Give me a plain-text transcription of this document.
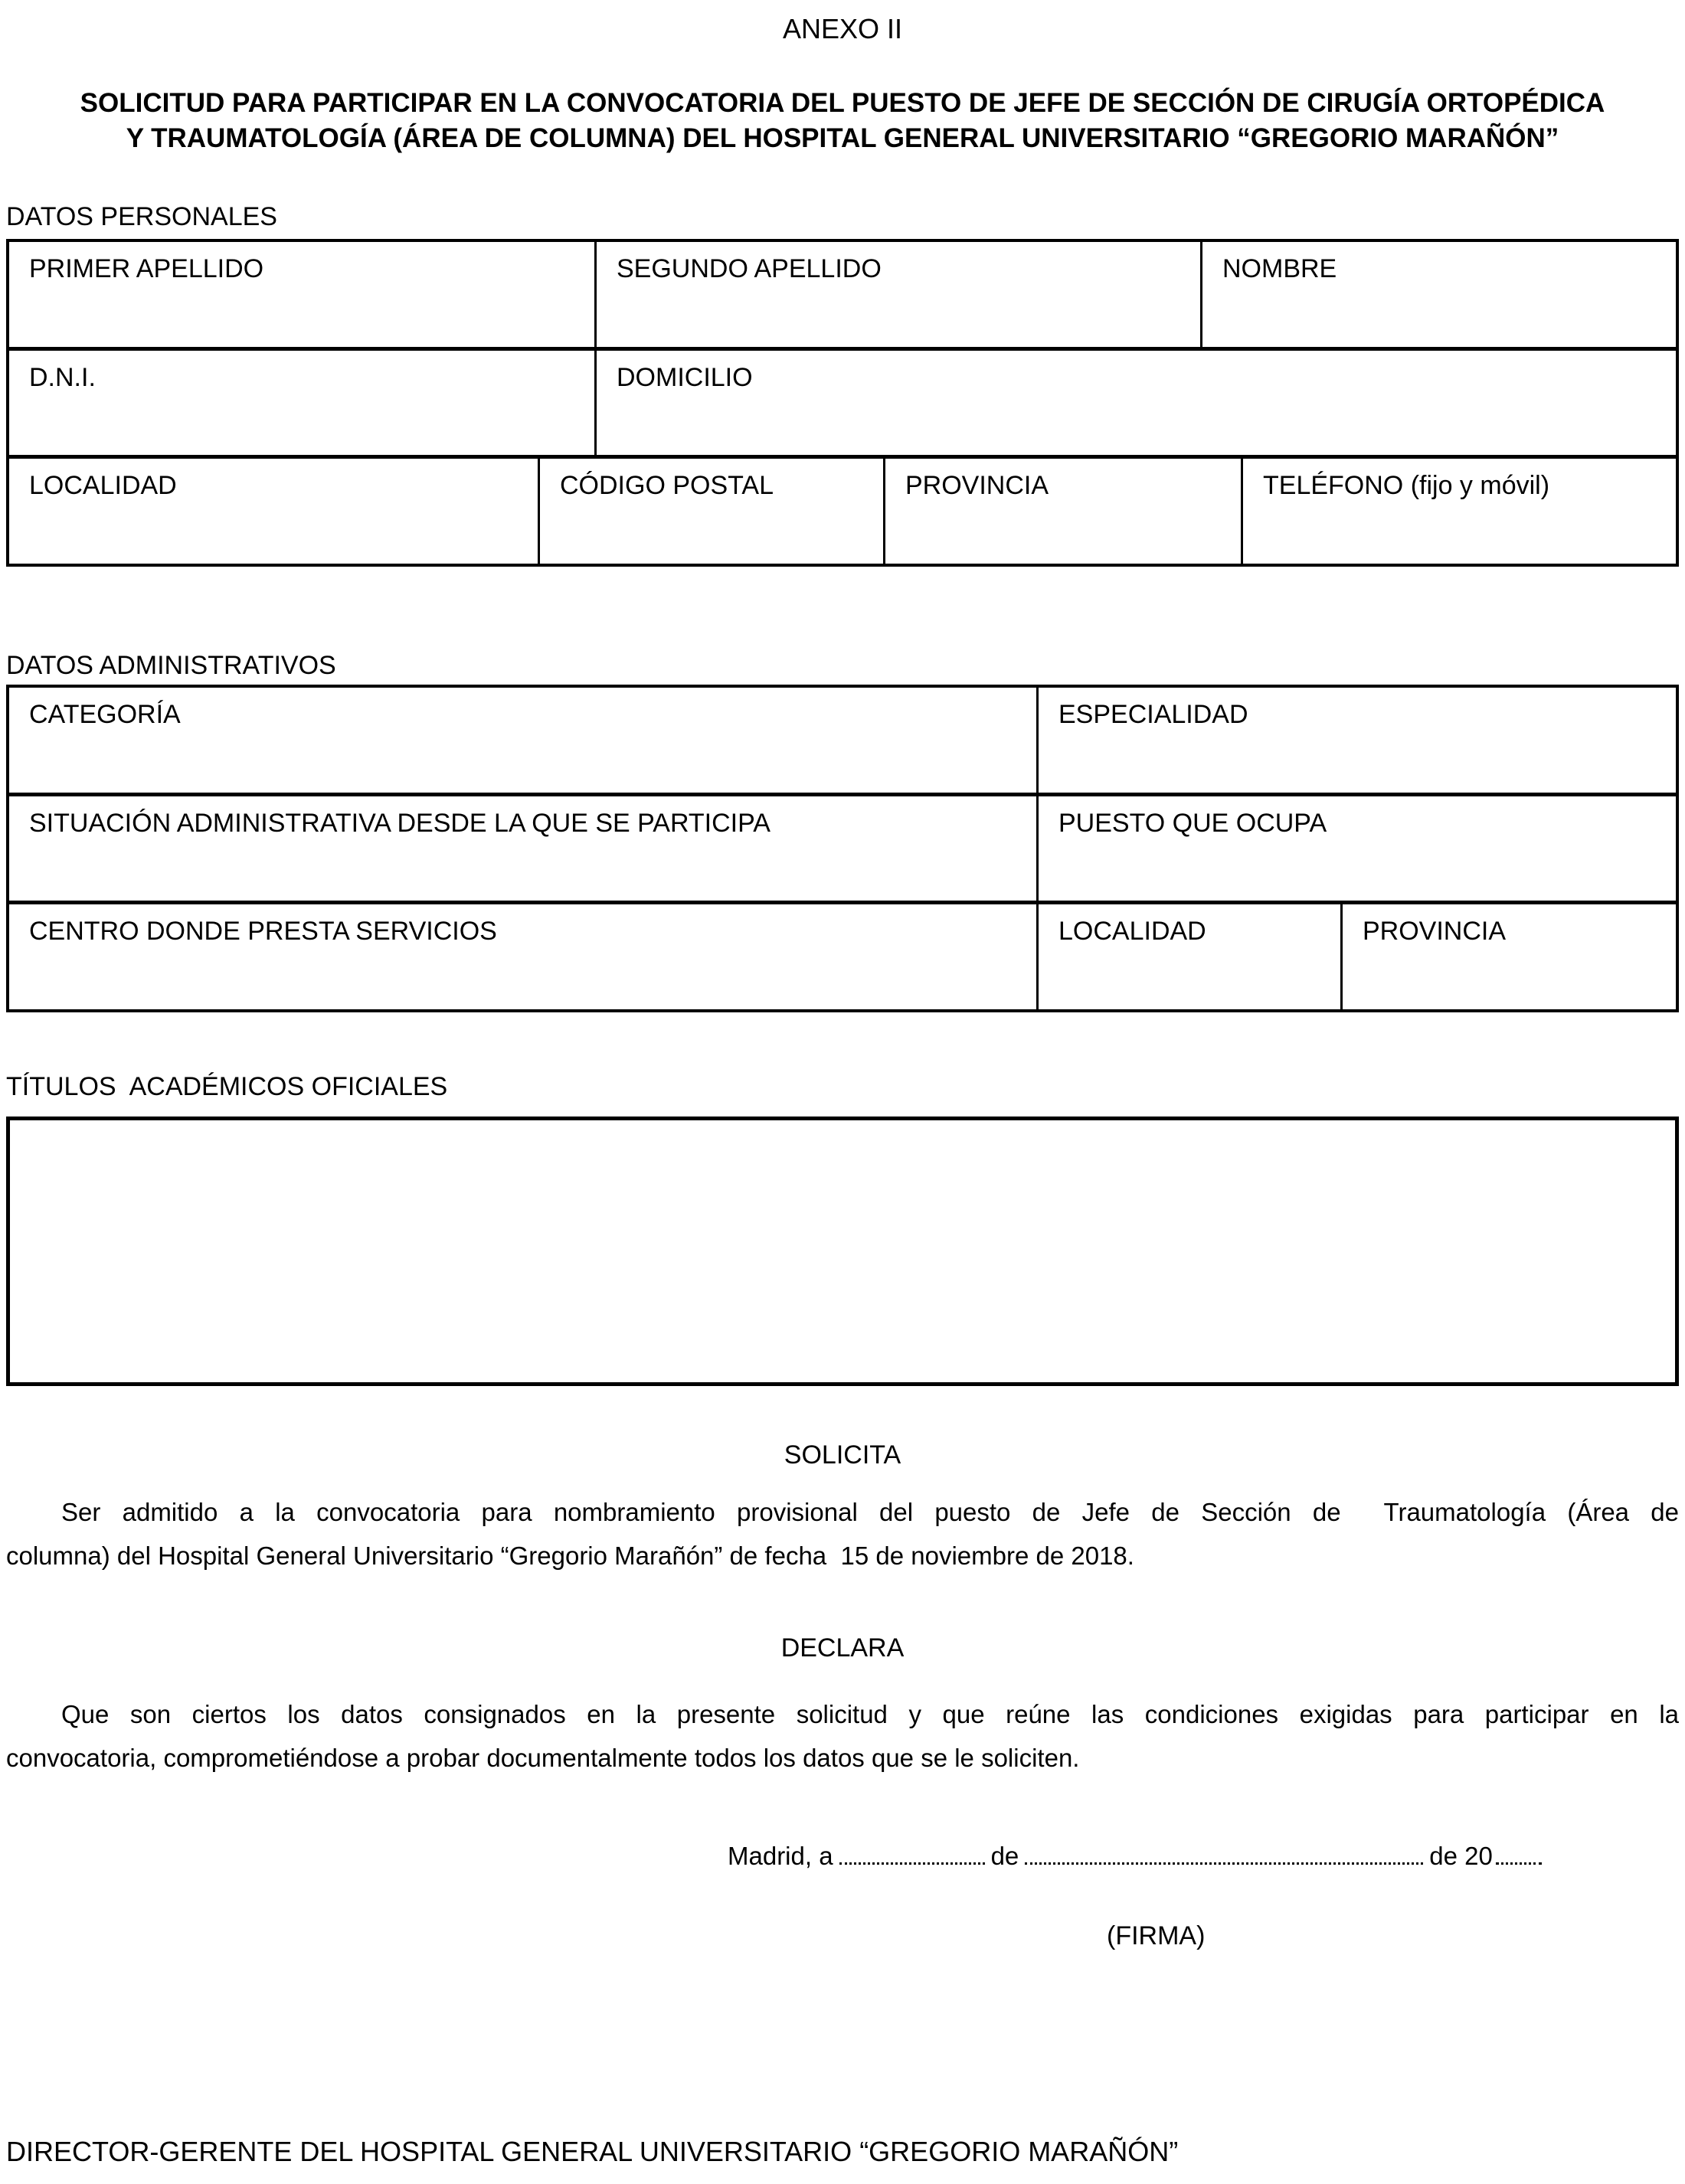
ANEXO II
SOLICITUD PARA PARTICIPAR EN LA CONVOCATORIA DEL PUESTO DE JEFE DE SECCIÓN DE CIRUGÍA ORTOPÉDICA
Y TRAUMATOLOGÍA (ÁREA DE COLUMNA) DEL HOSPITAL GENERAL UNIVERSITARIO “GREGORIO MARAÑÓN”
DATOS PERSONALES
PRIMER APELLIDO	SEGUNDO APELLIDO	NOMBRE
D.N.I.	DOMICILIO
LOCALIDAD	CÓDIGO POSTAL	PROVINCIA	TELÉFONO (fijo y móvil)
DATOS ADMINISTRATIVOS
CATEGORÍA	ESPECIALIDAD
SITUACIÓN ADMINISTRATIVA DESDE LA QUE SE PARTICIPA	PUESTO QUE OCUPA
CENTRO DONDE PRESTA SERVICIOS	LOCALIDAD	PROVINCIA
TÍTULOS  ACADÉMICOS OFICIALES
SOLICITA
Ser admitido a la convocatoria para nombramiento provisional del puesto de Jefe de Sección de  Traumatología (Área de
columna) del Hospital General Universitario “Gregorio Marañón” de fecha  15 de noviembre de 2018.
DECLARA
Que son ciertos los datos consignados en la presente solicitud y que reúne las condiciones exigidas para participar en la
convocatoria, comprometiéndose a probar documentalmente todos los datos que se le soliciten.
Madrid, a	de	de 20
(FIRMA)
DIRECTOR-GERENTE DEL HOSPITAL GENERAL UNIVERSITARIO “GREGORIO MARAÑÓN”
